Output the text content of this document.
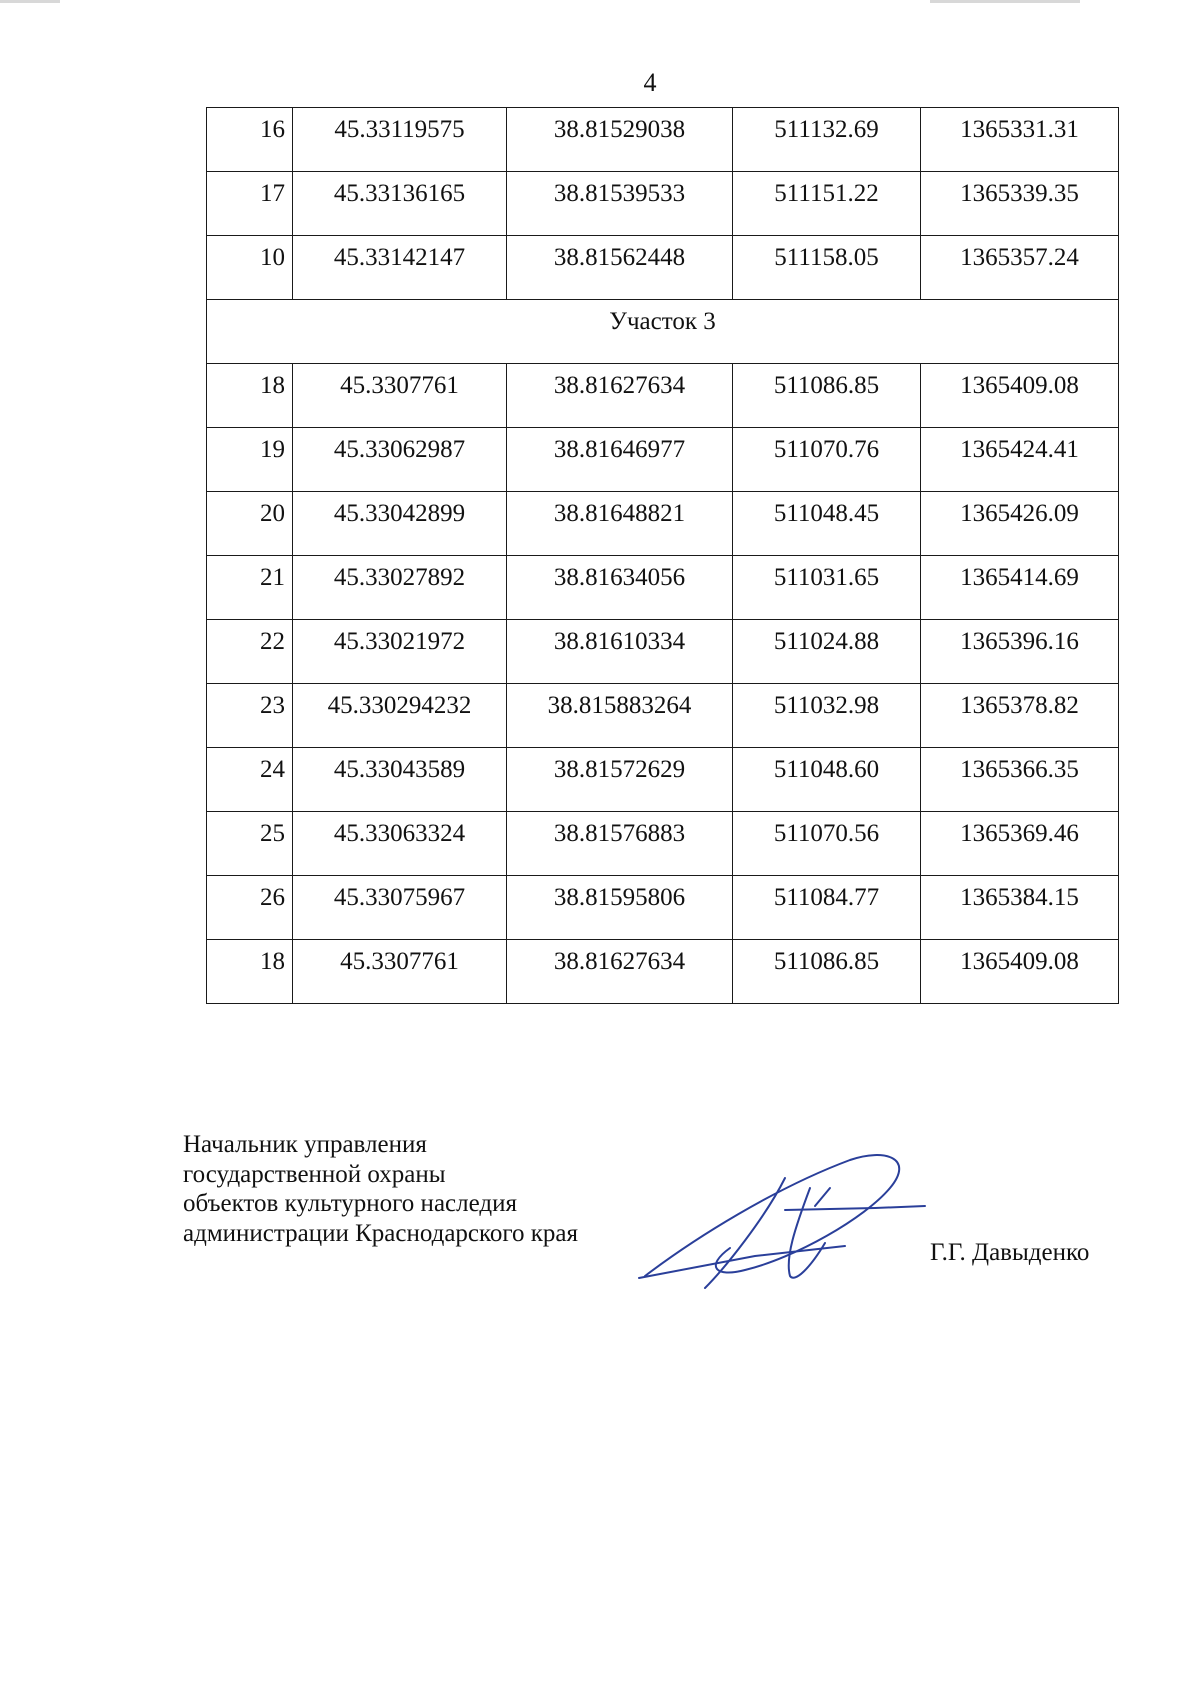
4
16	45.33119575	38.81529038	511132.69	1365331.31
17	45.33136165	38.81539533	511151.22	1365339.35
10	45.33142147	38.81562448	511158.05	1365357.24
Участок 3				
18	45.3307761	38.81627634	511086.85	1365409.08
19	45.33062987	38.81646977	511070.76	1365424.41
20	45.33042899	38.81648821	511048.45	1365426.09
21	45.33027892	38.81634056	511031.65	1365414.69
22	45.33021972	38.81610334	511024.88	1365396.16
23	45.330294232	38.815883264	511032.98	1365378.82
24	45.33043589	38.81572629	511048.60	1365366.35
25	45.33063324	38.81576883	511070.56	1365369.46
26	45.33075967	38.81595806	511084.77	1365384.15
18	45.3307761	38.81627634	511086.85	1365409.08
Начальник управления
государственной охраны
объектов культурного наследия
администрации Краснодарского края
Г.Г. Давыденко
